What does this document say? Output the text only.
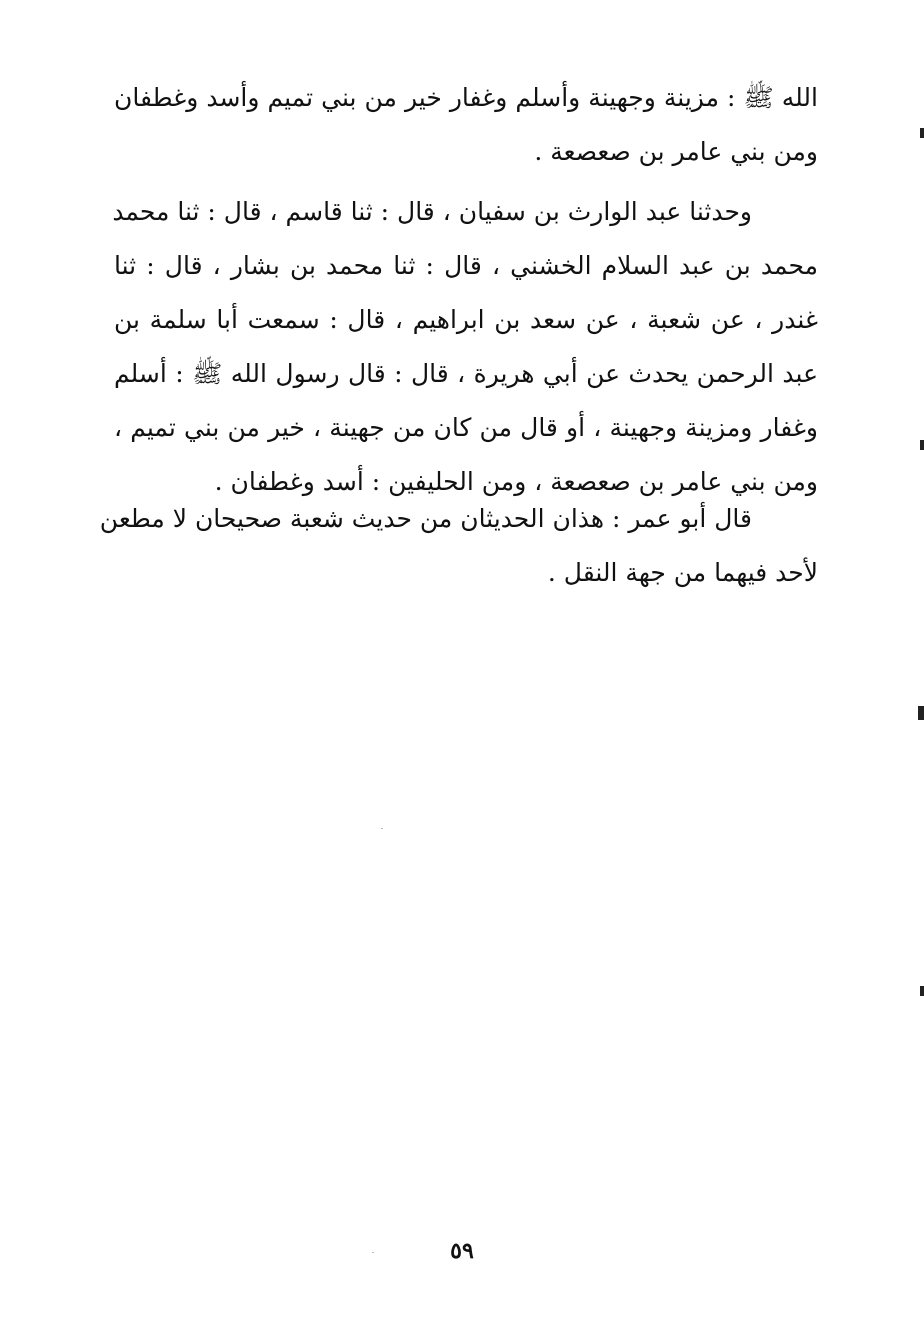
الله ﷺ : مزينة وجهينة وأسلم وغفار خير من بني تميم وأسد وغطفان
ومن بني عامر بن صعصعة .
وحدثنا عبد الوارث بن سفيان ، قال : ثنا قاسم ، قال : ثنا محمد
محمد بن عبد السلام الخشني ، قال : ثنا محمد بن بشار ، قال : ثنا
غندر ، عن شعبة ، عن سعد بن ابراهيم ، قال : سمعت أبا سلمة بن
عبد الرحمن يحدث عن أبي هريرة ، قال : قال رسول الله ﷺ : أسلم
وغفار ومزينة وجهينة ، أو قال من كان من جهينة ، خير من بني تميم ،
ومن بني عامر بن صعصعة ، ومن الحليفين : أسد وغطفان .
قال أبو عمر : هذان الحديثان من حديث شعبة صحيحان لا مطعن
لأحد فيهما من جهة النقل .
٥٩
